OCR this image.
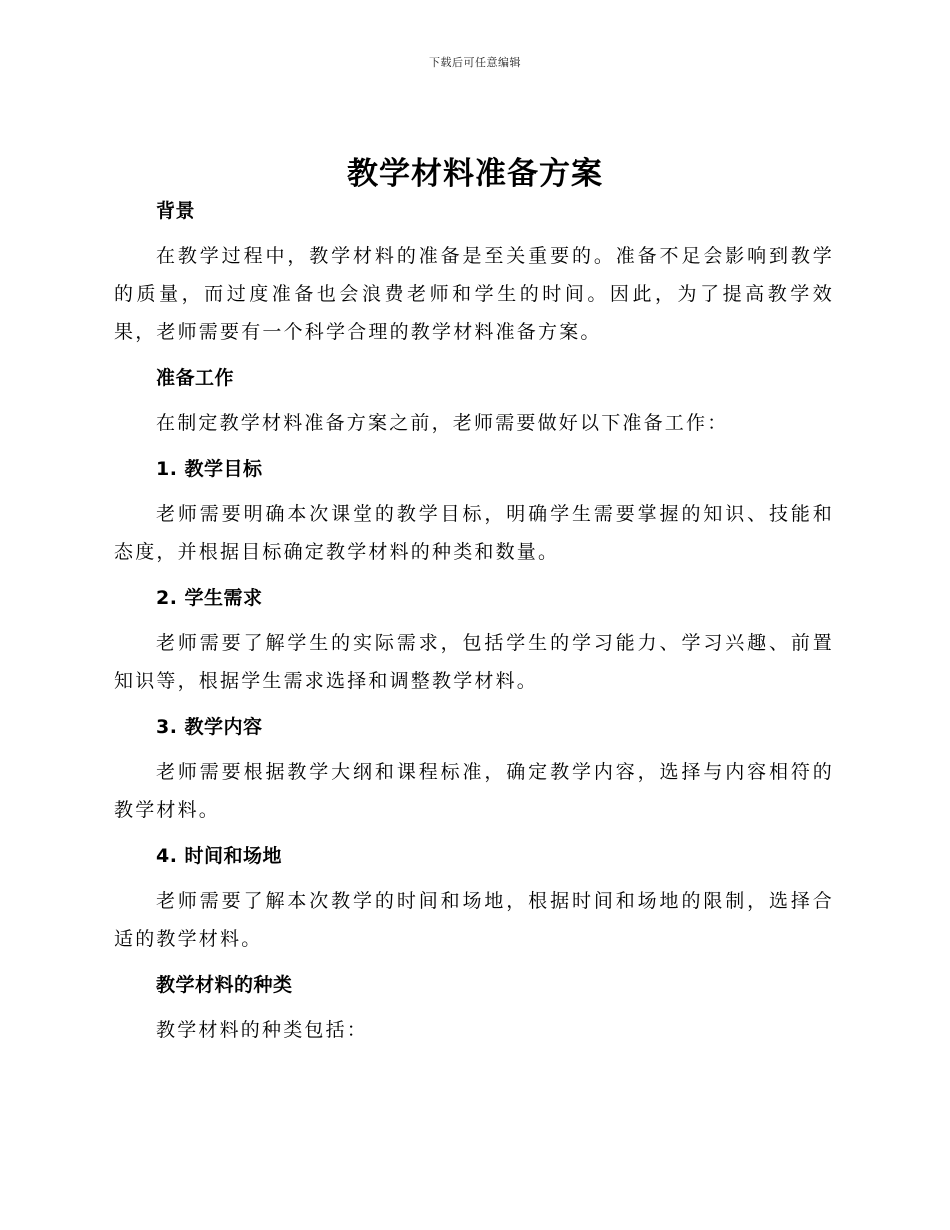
下载后可任意编辑
教学材料准备方案
背景

在教学过程中，教学材料的准备是至关重要的。准备不足会影响到教学的质量，而过度准备也会浪费老师和学生的时间。因此，为了提高教学效果，老师需要有一个科学合理的教学材料准备方案。

准备工作

在制定教学材料准备方案之前，老师需要做好以下准备工作：

1. 教学目标

老师需要明确本次课堂的教学目标，明确学生需要掌握的知识、技能和态度，并根据目标确定教学材料的种类和数量。

2. 学生需求

老师需要了解学生的实际需求，包括学生的学习能力、学习兴趣、前置知识等，根据学生需求选择和调整教学材料。

3. 教学内容

老师需要根据教学大纲和课程标准，确定教学内容，选择与内容相符的教学材料。

4. 时间和场地

老师需要了解本次教学的时间和场地，根据时间和场地的限制，选择合适的教学材料。

教学材料的种类

教学材料的种类包括：
